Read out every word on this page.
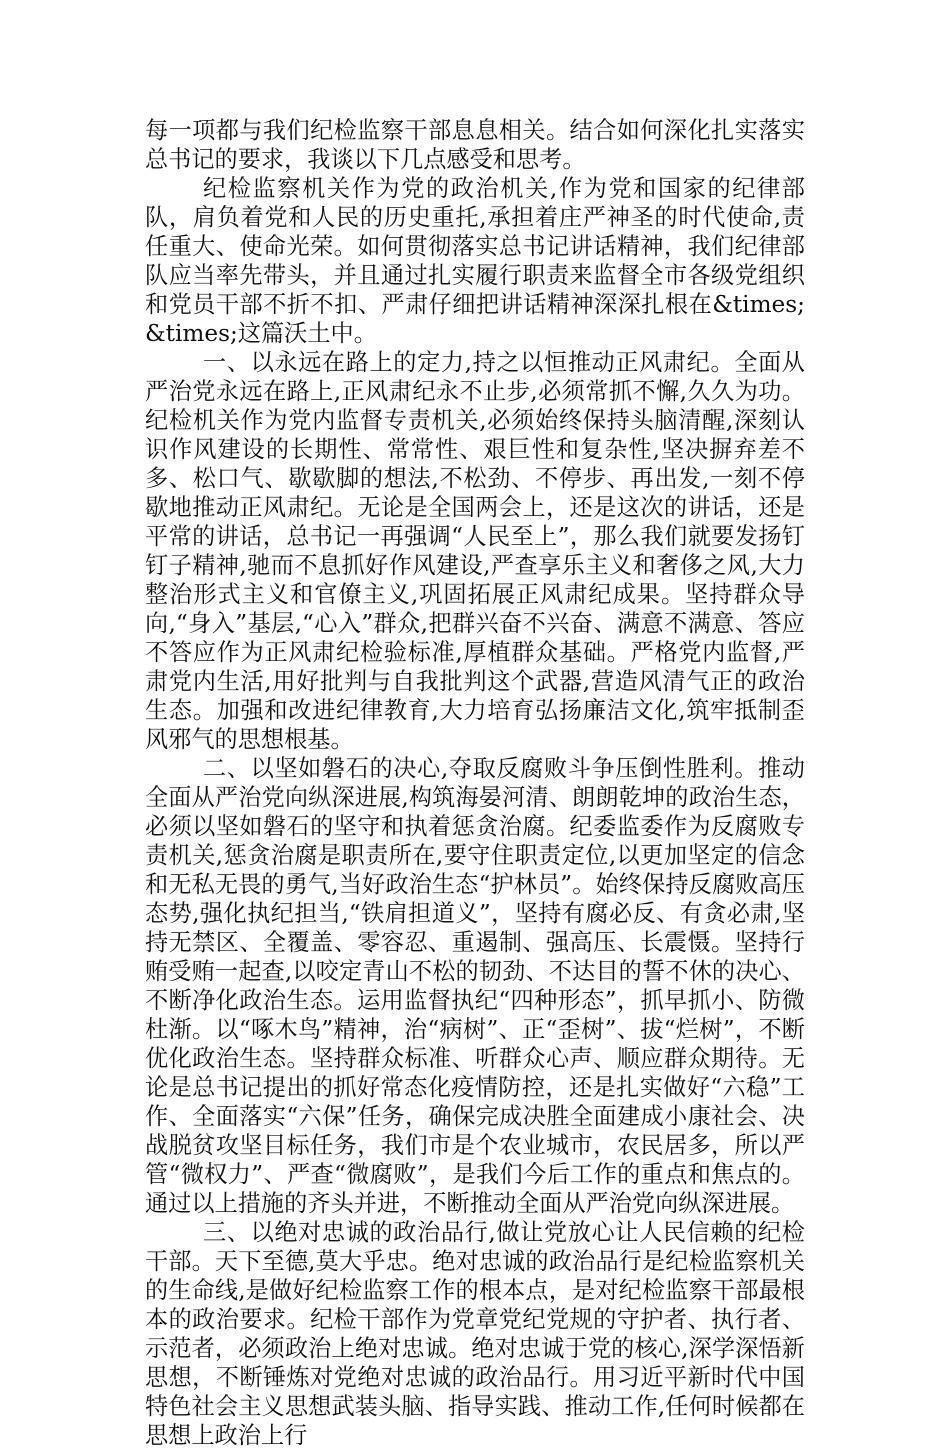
每一项都与我们纪检监察干部息息相关。结合如何深化扎实落实总书记的要求，我谈以下几点感受和思考。

纪检监察机关作为党的政治机关,作为党和国家的纪律部队，肩负着党和人民的历史重托,承担着庄严神圣的时代使命,责任重大、使命光荣。如何贯彻落实总书记讲话精神，我们纪律部队应当率先带头，并且通过扎实履行职责来监督全市各级党组织和党员干部不折不扣、严肃仔细把讲话精神深深扎根在&times;&times;这篇沃土中。

一、以永远在路上的定力,持之以恒推动正风肃纪。全面从严治党永远在路上,正风肃纪永不止步,必须常抓不懈,久久为功。纪检机关作为党内监督专责机关,必须始终保持头脑清醒,深刻认识作风建设的长期性、常常性、艰巨性和复杂性,坚决摒弃差不多、松口气、歇歇脚的想法,不松劲、不停步、再出发,一刻不停歇地推动正风肃纪。无论是全国两会上，还是这次的讲话，还是平常的讲话，总书记一再强调“人民至上”，那么我们就要发扬钉钉子精神,驰而不息抓好作风建设,严查享乐主义和奢侈之风,大力整治形式主义和官僚主义,巩固拓展正风肃纪成果。坚持群众导向,“身入”基层,“心入”群众,把群兴奋不兴奋、满意不满意、答应不答应作为正风肃纪检验标准,厚植群众基础。严格党内监督,严肃党内生活,用好批判与自我批判这个武器,营造风清气正的政治生态。加强和改进纪律教育,大力培育弘扬廉洁文化,筑牢抵制歪风邪气的思想根基。

二、以坚如磐石的决心,夺取反腐败斗争压倒性胜利。推动全面从严治党向纵深进展,构筑海晏河清、朗朗乾坤的政治生态，必须以坚如磐石的坚守和执着惩贪治腐。纪委监委作为反腐败专责机关,惩贪治腐是职责所在,要守住职责定位,以更加坚定的信念和无私无畏的勇气,当好政治生态“护林员”。始终保持反腐败高压态势,强化执纪担当,“铁肩担道义”，坚持有腐必反、有贪必肃,坚持无禁区、全覆盖、零容忍、重遏制、强高压、长震慑。坚持行贿受贿一起查,以咬定青山不松的韧劲、不达目的誓不休的决心、不断净化政治生态。运用监督执纪“四种形态”，抓早抓小、防微杜渐。以“啄木鸟”精神，治“病树”、正“歪树”、拔“烂树”，不断优化政治生态。坚持群众标准、听群众心声、顺应群众期待。无论是总书记提出的抓好常态化疫情防控，还是扎实做好“六稳”工作、全面落实“六保”任务，确保完成决胜全面建成小康社会、决战脱贫攻坚目标任务，我们市是个农业城市，农民居多，所以严管“微权力”、严查“微腐败”，是我们今后工作的重点和焦点的。通过以上措施的齐头并进，不断推动全面从严治党向纵深进展。

三、以绝对忠诚的政治品行,做让党放心让人民信赖的纪检干部。天下至德,莫大乎忠。绝对忠诚的政治品行是纪检监察机关的生命线,是做好纪检监察工作的根本点，是对纪检监察干部最根本的政治要求。纪检干部作为党章党纪党规的守护者、执行者、示范者，必须政治上绝对忠诚。绝对忠诚于党的核心,深学深悟新思想，不断锤炼对党绝对忠诚的政治品行。用习近平新时代中国特色社会主义思想武装头脑、指导实践、推动工作,任何时候都在思想上政治上行
